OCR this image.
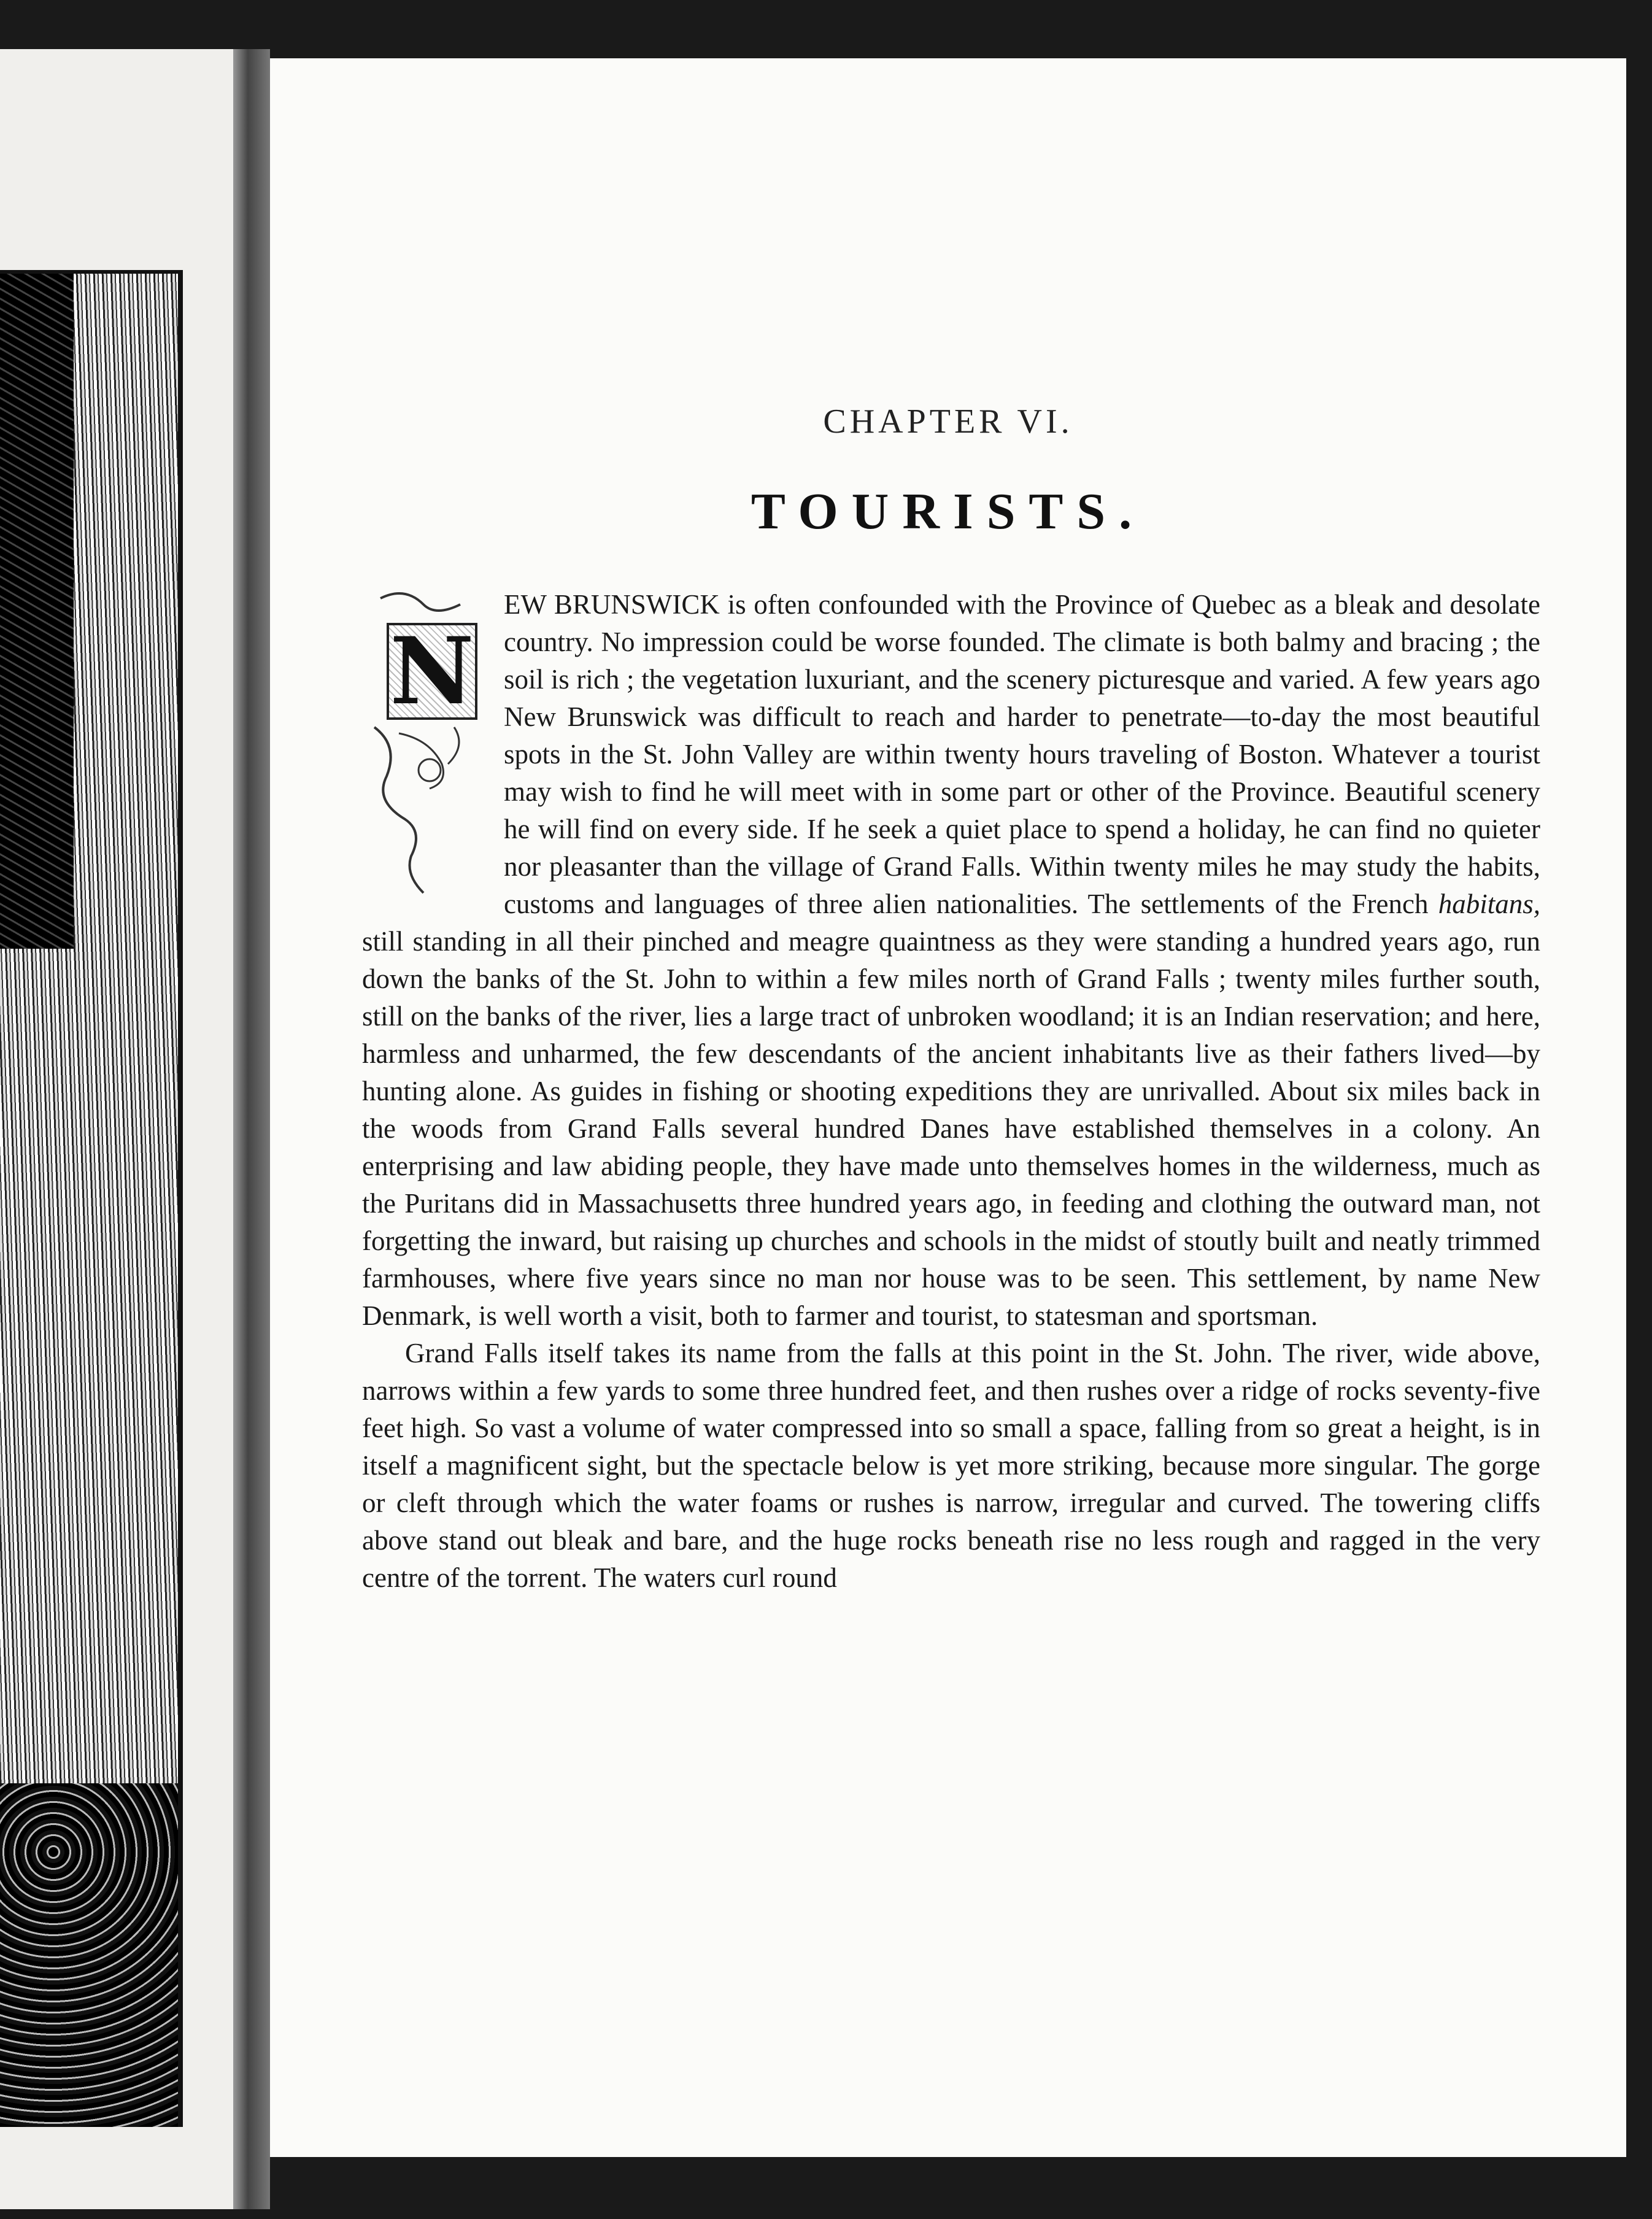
CHAPTER VI.
TOURISTS.
N

EW BRUNSWICK is often confounded with the Province of Quebec as a bleak and desolate country. No impression could be worse founded. The climate is both balmy and bracing ; the soil is rich ; the vegetation luxuriant, and the scenery picturesque and varied. A few years ago New Brunswick was difficult to reach and harder to penetrate—to-day the most beautiful spots in the St. John Valley are within twenty hours traveling of Boston. Whatever a tourist may wish to find he will meet with in some part or other of the Province. Beautiful scenery he will find on every side. If he seek a quiet place to spend a holiday, he can find no quieter nor pleasanter than the village of Grand Falls. Within twenty miles he may study the habits, customs and languages of three alien nationalities. The settlements of the French habitans, still standing in all their pinched and meagre quaintness as they were standing a hundred years ago, run down the banks of the St. John to within a few miles north of Grand Falls ; twenty miles further south, still on the banks of the river, lies a large tract of unbroken woodland; it is an Indian reservation; and here, harmless and unharmed, the few descendants of the ancient inhabitants live as their fathers lived—by hunting alone. As guides in fishing or shooting expeditions they are unrivalled. About six miles back in the woods from Grand Falls several hundred Danes have established themselves in a colony. An enterprising and law abiding people, they have made unto themselves homes in the wilderness, much as the Puritans did in Massachusetts three hundred years ago, in feeding and clothing the outward man, not forgetting the inward, but raising up churches and schools in the midst of stoutly built and neatly trimmed farmhouses, where five years since no man nor house was to be seen. This settlement, by name New Denmark, is well worth a visit, both to farmer and tourist, to statesman and sportsman.

Grand Falls itself takes its name from the falls at this point in the St. John. The river, wide above, narrows within a few yards to some three hundred feet, and then rushes over a ridge of rocks seventy-five feet high. So vast a volume of water compressed into so small a space, falling from so great a height, is in itself a magnificent sight, but the spectacle below is yet more striking, because more singular. The gorge or cleft through which the water foams or rushes is narrow, irregular and curved. The towering cliffs above stand out bleak and bare, and the huge rocks beneath rise no less rough and ragged in the very centre of the torrent. The waters curl round
